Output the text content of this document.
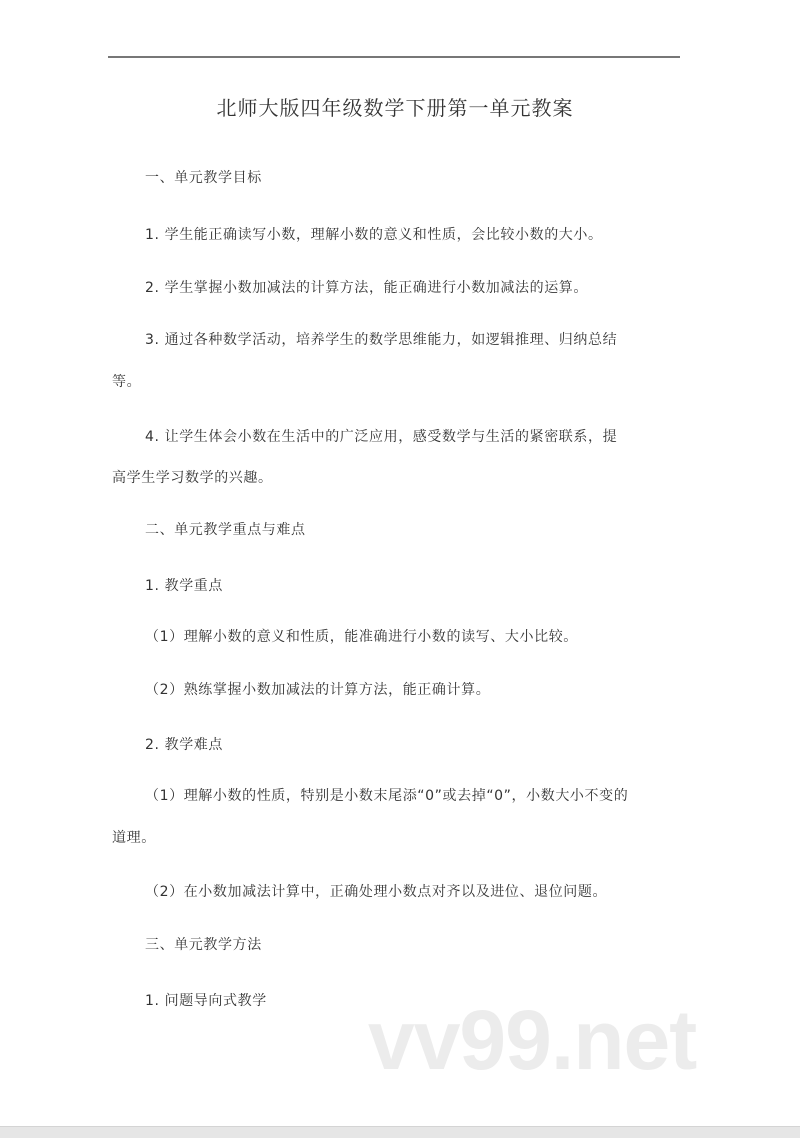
北师大版四年级数学下册第一单元教案
一、单元教学目标
1. 学生能正确读写小数，理解小数的意义和性质，会比较小数的大小。
2. 学生掌握小数加减法的计算方法，能正确进行小数加减法的运算。
3. 通过各种数学活动，培养学生的数学思维能力，如逻辑推理、归纳总结
等。
4. 让学生体会小数在生活中的广泛应用，感受数学与生活的紧密联系，提
高学生学习数学的兴趣。
二、单元教学重点与难点
1. 教学重点
（1）理解小数的意义和性质，能准确进行小数的读写、大小比较。
（2）熟练掌握小数加减法的计算方法，能正确计算。
2. 教学难点
（1）理解小数的性质，特别是小数末尾添“0”或去掉“0”，小数大小不变的
道理。
（2）在小数加减法计算中，正确处理小数点对齐以及进位、退位问题。
三、单元教学方法
1. 问题导向式教学 vv99.net
